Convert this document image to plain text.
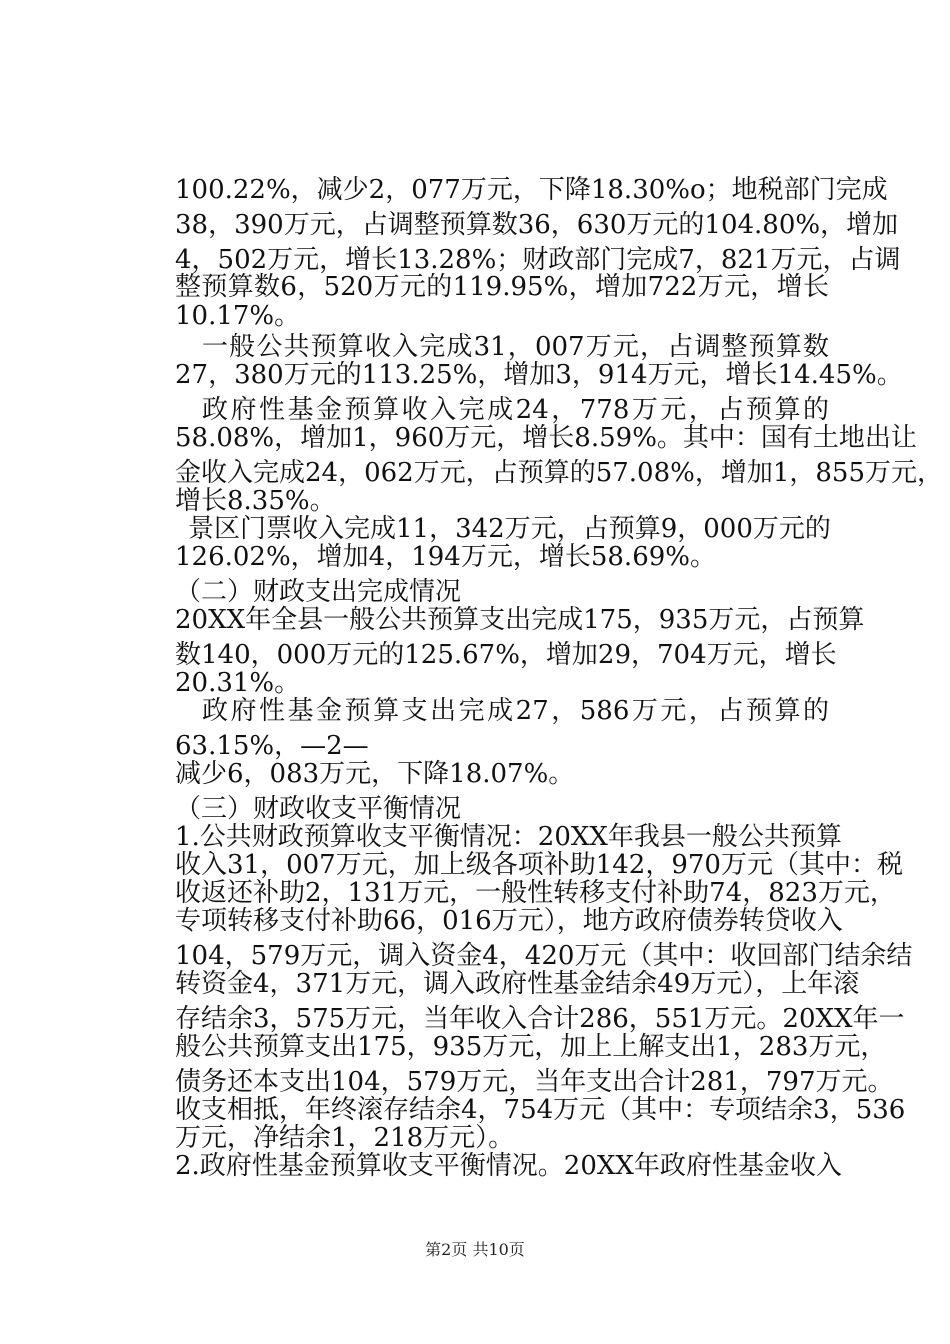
100.22%，减少2，077万元，下降18.30%o；地税部门完成
38，390万元，占调整预算数36，630万元的104.80%，增加
4，502万元，增长13.28%；财政部门完成7，821万元，占调
整预算数6，520万元的119.95%，增加722万元，增长
10.17%。
一般公共预算收入完成31，007万元，占调整预算数
27，380万元的113.25%，增加3，914万元，增长14.45%。
政府性基金预算收入完成24，778万元，占预算的
58.08%，增加1，960万元，增长8.59%。其中：国有土地出让
金收入完成24，062万元，占预算的57.08%，增加1，855万元，
增长8.35%。
景区门票收入完成11，342万元，占预算9，000万元的
126.02%，增加4，194万元，增长58.69%。
（二）财政支出完成情况
20XX年全县一般公共预算支出完成175，935万元，占预算
数140，000万元的125.67%，增加29，704万元，增长
20.31%。
政府性基金预算支出完成27，586万元，占预算的
63.15%，—2—
减少6，083万元，下降18.07%。
（三）财政收支平衡情况
1.公共财政预算收支平衡情况：20XX年我县一般公共预算
收入31，007万元，加上级各项补助142，970万元（其中：税
收返还补助2，131万元，一般性转移支付补助74，823万元，
专项转移支付补助66，016万元），地方政府债券转贷收入
104，579万元，调入资金4，420万元（其中：收回部门结余结
转资金4，371万元，调入政府性基金结余49万元），上年滚
存结余3，575万元，当年收入合计286，551万元。20XX年一
般公共预算支出175，935万元，加上上解支出1，283万元，
债务还本支出104，579万元，当年支出合计281，797万元。
收支相抵，年终滚存结余4，754万元（其中：专项结余3，536
万元，净结余1，218万元）。
2.政府性基金预算收支平衡情况。20XX年政府性基金收入
第2页 共10页
